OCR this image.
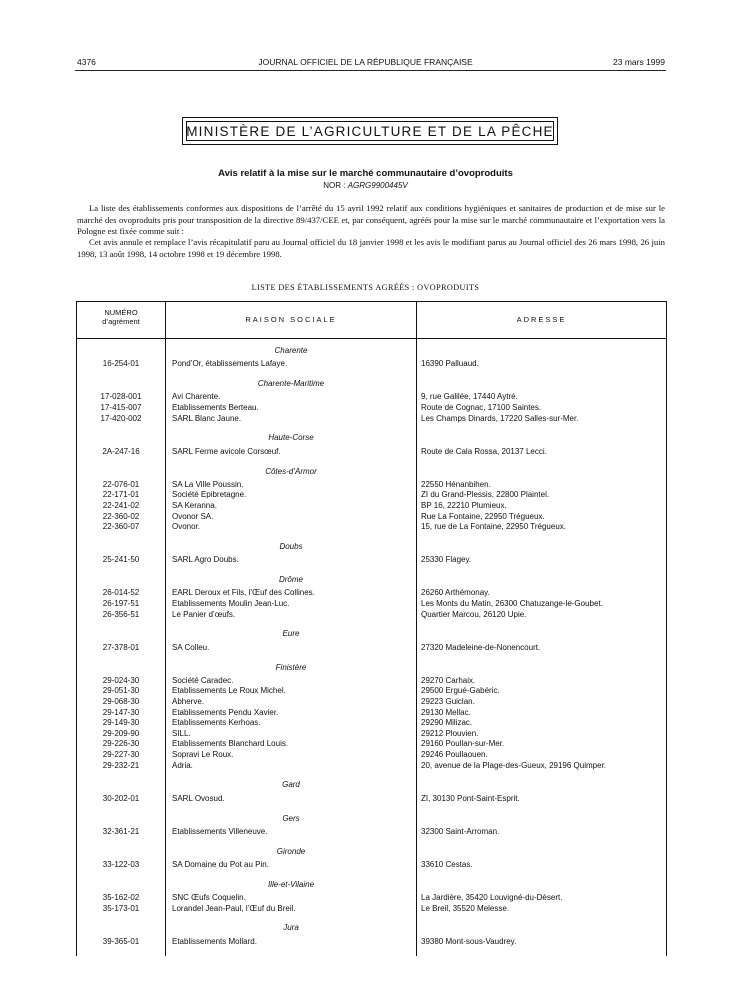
4376	JOURNAL OFFICIEL DE LA RÉPUBLIQUE FRANÇAISE	23 mars 1999
MINISTÈRE DE L’AGRICULTURE ET DE LA PÊCHE
Avis relatif à la mise sur le marché communautaire d’ovoproduits
NOR : AGRG9900445V
La liste des établissements conformes aux dispositions de l’arrêté du 15 avril 1992 relatif aux conditions hygiéniques et sanitaires de production et de mise sur le marché des ovoproduits pris pour transposition de la directive 89/437/CEE et, par conséquent, agréés pour la mise sur le marché communautaire et l’exportation vers la Pologne est fixée comme suit :
Cet avis annule et remplace l’avis récapitulatif paru au Journal officiel du 18 janvier 1998 et les avis le modifiant parus au Journal officiel des 26 mars 1998, 26 juin 1998, 13 août 1998, 14 octobre 1998 et 19 décembre 1998.
LISTE DES ÉTABLISSEMENTS AGRÉÉS : OVOPRODUITS
NUMÉRO
d’agrément	RAISON SOCIALE	ADRESSE
Charente
16-254-01	Pond’Or, établissements Lafaye.	16390 Palluaud.
Charente-Maritime
17-028-001	Avi Charente.	9, rue Galilée, 17440 Aytré.
17-415-007	Etablissements Berteau.	Route de Cognac, 17100 Saintes.
17-420-002	SARL Blanc Jaune.	Les Champs Dinards, 17220 Salles-sur-Mer.
Haute-Corse
2A-247-16	SARL Ferme avicole Corsœuf.	Route de Cala Rossa, 20137 Lecci.
Côtes-d’Armor
22-076-01	SA La Ville Poussin.	22550 Hénanbihen.
22-171-01	Société Epibretagne.	ZI du Grand-Plessis, 22800 Plaintel.
22-241-02	SA Keranna.	BP 16, 22210 Plumieux.
22-360-02	Ovonor SA.	Rue La Fontaine, 22950 Trégueux.
22-360-07	Ovonor.	15, rue de La Fontaine, 22950 Trégueux.
Doubs
25-241-50	SARL Agro Doubs.	25330 Flagey.
Drôme
26-014-52	EARL Deroux et Fils, l’Œuf des Collines.	26260 Arthémonay.
26-197-51	Etablissements Moulin Jean-Luc.	Les Monts du Matin, 26300 Chatuzange-le-Goubet.
26-356-51	Le Panier d’œufs.	Quartier Marcou, 26120 Upie.
Eure
27-378-01	SA Colleu.	27320 Madeleine-de-Nonencourt.
Finistère
29-024-30	Société Caradec.	29270 Carhaix.
29-051-30	Etablissements Le Roux Michel.	29500 Ergué-Gabéric.
29-068-30	Abherve.	29223 Guiclan.
29-147-30	Etablissements Pendu Xavier.	29130 Mellac.
29-149-30	Etablissements Kerhoas.	29290 Milizac.
29-209-90	SILL.	29212 Plouvien.
29-226-30	Etablissements Blanchard Louis.	29160 Poullan-sur-Mer.
29-227-30	Sopravi Le Roux.	29246 Poullaouen.
29-232-21	Adria.	20, avenue de la Plage-des-Gueux, 29196 Quimper.
Gard
30-202-01	SARL Ovosud.	ZI, 30130 Pont-Saint-Esprit.
Gers
32-361-21	Etablissements Villeneuve.	32300 Saint-Arroman.
Gironde
33-122-03	SA Domaine du Pot au Pin.	33610 Cestas.
Ille-et-Vilaine
35-162-02	SNC Œufs Coquelin.	La Jardière, 35420 Louvigné-du-Désert.
35-173-01	Lorandel Jean-Paul, l’Œuf du Breil.	Le Breil, 35520 Melesse.
Jura
39-365-01	Etablissements Mollard.	39380 Mont-sous-Vaudrey.
